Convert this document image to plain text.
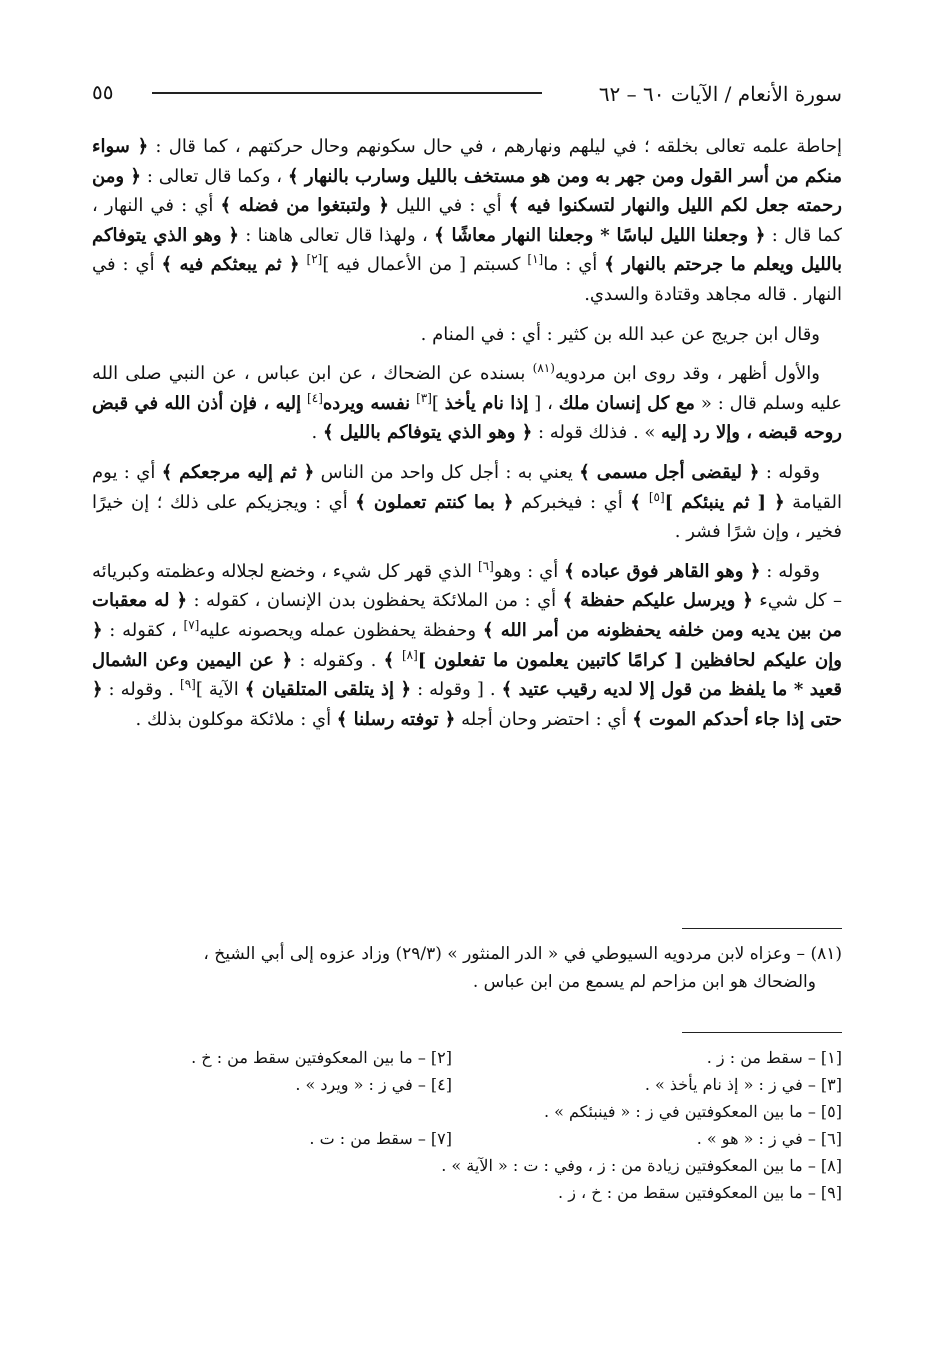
سورة الأنعام / الآيات ٦٠ – ٦٢
٥٥

إحاطة علمه تعالى بخلقه ؛ في ليلهم ونهارهم ، في حال سكونهم وحال حركتهم ، كما قال : ﴿ سواء منكم من أسر القول ومن جهر به ومن هو مستخف بالليل وسارب بالنهار ﴾ ، وكما قال تعالى : ﴿ ومن رحمته جعل لكم الليل والنهار لتسكنوا فيه ﴾ أي : في الليل ﴿ ولتبتغوا من فضله ﴾ أي : في النهار ، كما قال : ﴿ وجعلنا الليل لباسًا * وجعلنا النهار معاشًا ﴾ ، ولهذا قال تعالى هاهنا : ﴿ وهو الذي يتوفاكم بالليل ويعلم ما جرحتم بالنهار ﴾ أي : ما[١] كسبتم [ من الأعمال فيه ][٢] ﴿ ثم يبعثكم فيه ﴾ أي : في النهار . قاله مجاهد وقتادة والسدي.

وقال ابن جريج عن عبد الله بن كثير : أي : في المنام .

والأول أظهر ، وقد روى ابن مردويه$^{(٨١)}$ بسنده عن الضحاك ، عن ابن عباس ، عن النبي صلى الله عليه وسلم قال : « مع كل إنسان ملك ، [ إذا نام يأخذ ][٣] نفسه ويرده[٤] إليه ، فإن أذن الله في قبض روحه قبضه ، وإلا رد إليه » . فذلك قوله : ﴿ وهو الذي يتوفاكم بالليل ﴾ .

وقوله : ﴿ ليقضى أجل مسمى ﴾ يعني به : أجل كل واحد من الناس ﴿ ثم إليه مرجعكم ﴾ أي : يوم القيامة ﴿ [ ثم ينبئكم ][٥] ﴾ أي : فيخبركم ﴿ بما كنتم تعملون ﴾ أي : ويجزيكم على ذلك ؛ إن خيرًا فخير ، وإن شرًا فشر .

وقوله : ﴿ وهو القاهر فوق عباده ﴾ أي : وهو[٦] الذي قهر كل شيء ، وخضع لجلاله وعظمته وكبريائه – كل شيء ﴿ ويرسل عليكم حفظة ﴾ أي : من الملائكة يحفظون بدن الإنسان ، كقوله : ﴿ له معقبات من بين يديه ومن خلفه يحفظونه من أمر الله ﴾ وحفظة يحفظون عمله ويحصونه عليه[٧] ، كقوله : ﴿ وإن عليكم لحافظين [ كرامًا كاتبين يعلمون ما تفعلون ][٨] ﴾ . وكقوله : ﴿ عن اليمين وعن الشمال قعيد * ما يلفظ من قول إلا لديه رقيب عتيد ﴾ . [ وقوله : ﴿ إذ يتلقى المتلقيان ﴾ الآية ][٩] . وقوله : ﴿ حتى إذا جاء أحدكم الموت ﴾ أي : احتضر وحان أجله ﴿ توفته رسلنا ﴾ أي : ملائكة موكلون بذلك .

(٨١) – وعزاه لابن مردويه السيوطي في « الدر المنثور » (٢٩/٣) وزاد عزوه إلى أبي الشيخ ،
والضحاك هو ابن مزاحم لم يسمع من ابن عباس .
[١] – سقط من : ز .
[٢] – ما بين المعكوفتين سقط من : خ .
[٣] – في ز : « إذ نام يأخذ » .
[٤] – في ز : « ويرد » .
[٥] – ما بين المعكوفتين في ز : « فينبئكم » .
[٦] – في ز : « هو » .
[٧] – سقط من : ت .
[٨] – ما بين المعكوفتين زيادة من : ز ، وفي : ت : « الآية » .
[٩] – ما بين المعكوفتين سقط من : خ ، ز .
